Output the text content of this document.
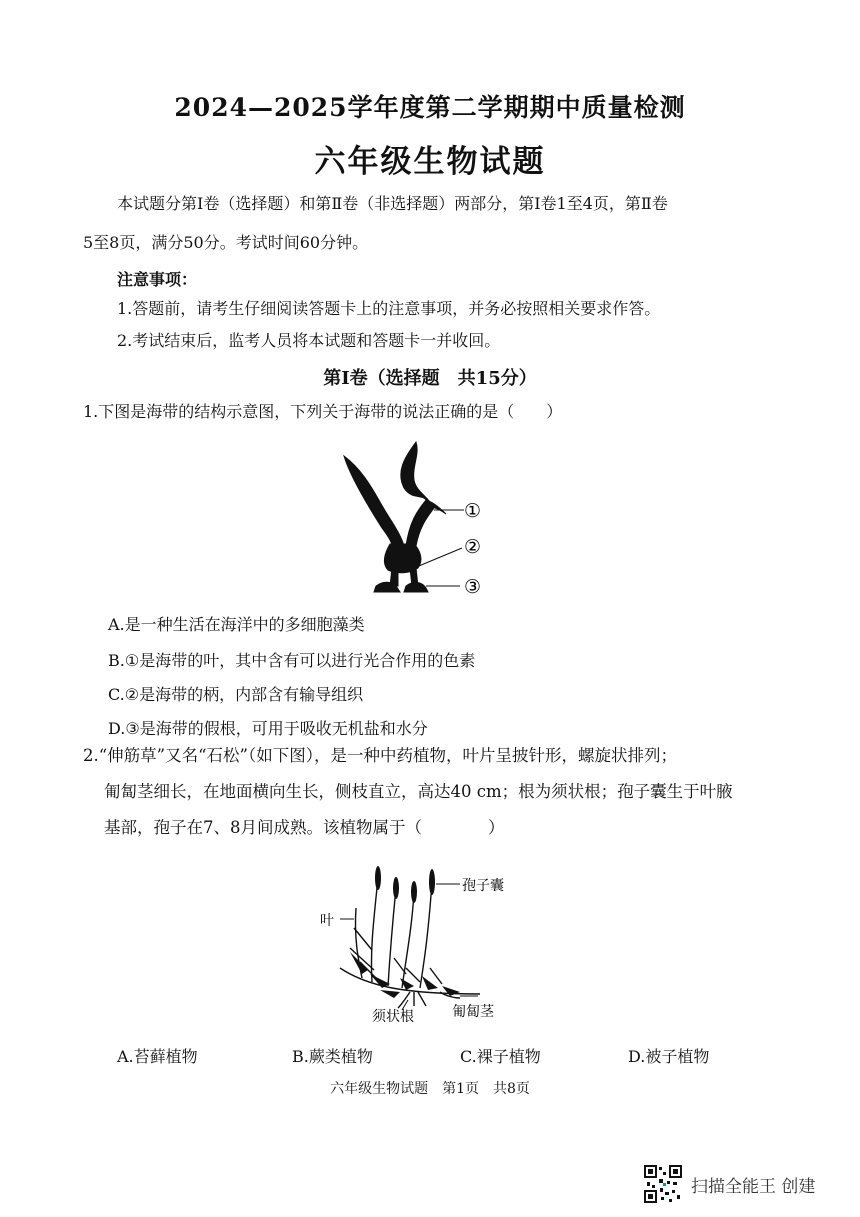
2024—2025学年度第二学期期中质量检测
六年级生物试题
本试题分第Ⅰ卷（选择题）和第Ⅱ卷（非选择题）两部分，第Ⅰ卷1至4页，第Ⅱ卷
5至8页，满分50分。考试时间60分钟。
注意事项：
1.答题前，请考生仔细阅读答题卡上的注意事项，并务必按照相关要求作答。
2.考试结束后，监考人员将本试题和答题卡一并收回。
第Ⅰ卷（选择题　共15分）
1.下图是海带的结构示意图，下列关于海带的说法正确的是（　　）
①
②
③
A.是一种生活在海洋中的多细胞藻类
B.①是海带的叶，其中含有可以进行光合作用的色素
C.②是海带的柄，内部含有输导组织
D.③是海带的假根，可用于吸收无机盐和水分
2.“伸筋草”又名“石松”（如下图），是一种中药植物，叶片呈披针形，螺旋状排列；
匍匐茎细长，在地面横向生长，侧枝直立，高达40 cm；根为须状根；孢子囊生于叶腋
基部，孢子在7、8月间成熟。该植物属于（　　　　）
孢子囊
叶
匍匐茎
须状根
A.苔藓植物	B.蕨类植物	C.裸子植物	D.被子植物
六年级生物试题　第1页　共8页
扫描全能王 创建
